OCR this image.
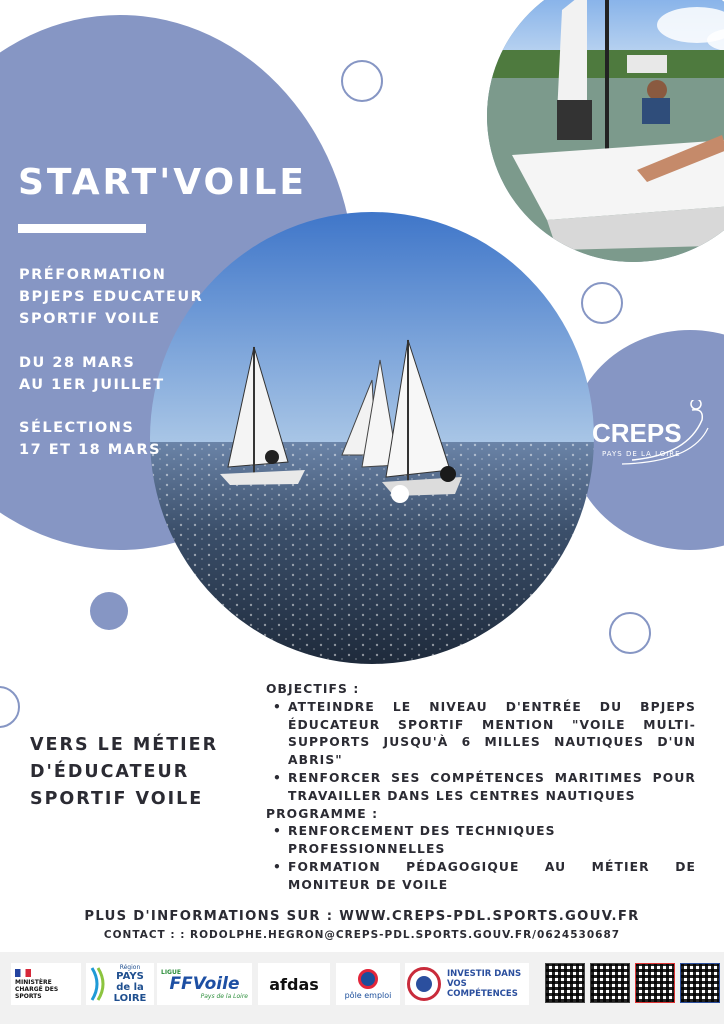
START'VOILE
PRÉFORMATION
BPJEPS EDUCATEUR
SPORTIF VOILE
DU 28 MARS
AU 1ER JUILLET
SÉLECTIONS
17 ET 18 MARS
CREPS
PAYS DE LA LOIRE
VERS LE MÉTIER
D'ÉDUCATEUR
SPORTIF VOILE
OBJECTIFS :
• ATTEINDRE LE NIVEAU D'ENTRÉE DU BPJEPS ÉDUCATEUR SPORTIF MENTION "VOILE MULTI-SUPPORTS JUSQU'À 6 MILLES NAUTIQUES D'UN ABRIS"
• RENFORCER SES COMPÉTENCES MARITIMES POUR TRAVAILLER DANS LES CENTRES NAUTIQUES
PROGRAMME :
• RENFORCEMENT DES TECHNIQUES PROFESSIONNELLES
• FORMATION PÉDAGOGIQUE AU MÉTIER DE MONITEUR DE VOILE
PLUS D'INFORMATIONS SUR : WWW.CREPS-PDL.SPORTS.GOUV.FR
CONTACT : : RODOLPHE.HEGRON@CREPS-PDL.SPORTS.GOUV.FR/0624530687
MINISTÈRE CHARGÉ DES SPORTS
Région
PAYS de la LOIRE
LIGUE
FFVoile
Pays de la Loire
afdas
pôle emploi
INVESTIR DANS VOS COMPÉTENCES
